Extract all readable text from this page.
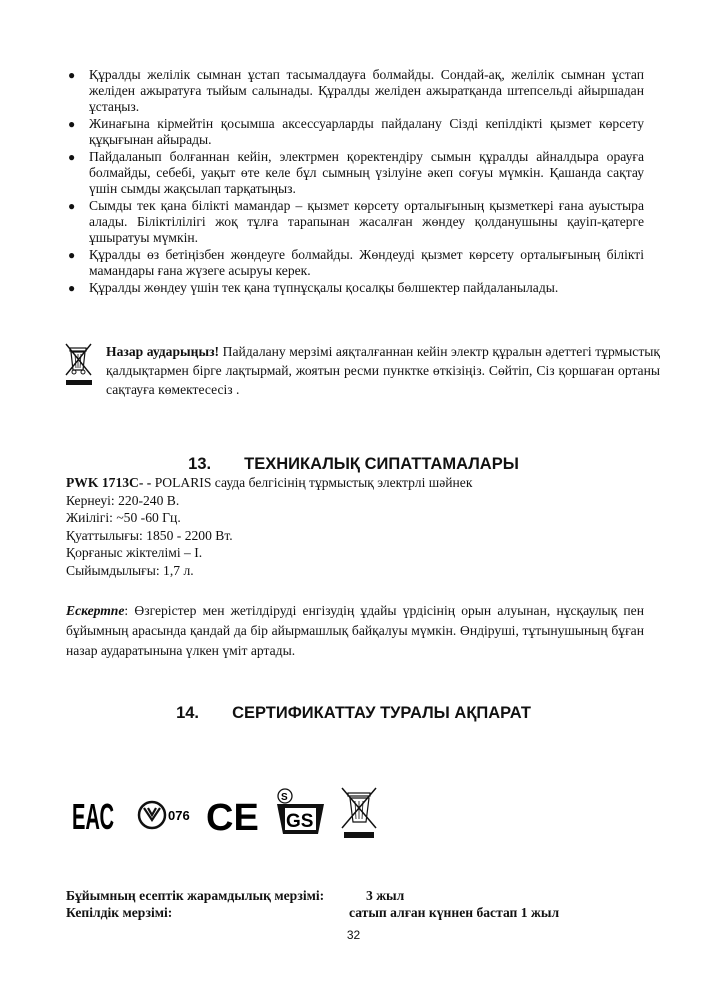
● Құралды желілік сымнан ұстап тасымалдауға болмайды. Сондай-ақ, желілік сымнан ұстап желіден ажыратуға тыйым салынады. Құралды желіден ажыратқанда штепсельді айыршадан ұстаңыз.
● Жинағына кірмейтін қосымша аксессуарларды пайдалану Сізді кепілдікті қызмет көрсету құқығынан айырады.
● Пайдаланып болғаннан кейін, электрмен қоректендіру сымын құралды айналдыра орауға болмайды, себебі, уақыт өте келе бұл сымның үзілуіне әкеп соғуы мүмкін. Қашанда сақтау үшін сымды жақсылап тарқатыңыз.
● Сымды тек қана білікті мамандар – қызмет көрсету орталығының қызметкері ғана ауыстыра алады. Біліктілілігі жоқ тұлға тарапынан жасалған жөндеу қолданушыны қауіп-қатерге ұшыратуы мүмкін.
● Құралды өз бетіңізбен жөндеуге болмайды. Жөндеуді қызмет көрсету орталығының білікті мамандары ғана жүзеге асыруы керек.
● Құралды жөндеу үшін тек қана түпнұсқалы қосалқы бөлшектер пайдаланылады.
Назар аударыңыз! Пайдалану мерзімі аяқталғаннан кейін электр құралын әдеттегі тұрмыстық қалдықтармен бірге лақтырмай, жоятын ресми пунктке өткізіңіз. Сөйтіп, Сіз қоршаған ортаны сақтауға көмектесесіз .
13. ТЕХНИКАЛЫҚ СИПАТТАМАЛАРЫ
PWK 1713C- - POLARIS сауда белгісінің тұрмыстық электрлі шәйнек
Кернеуі: 220-240 В.
Жиілігі: ~50 -60 Гц.
Қуаттылығы: 1850 - 2200 Вт.
Қорғаныс жіктелімі – I.
Сыйымдылығы: 1,7 л.
Ескертпе: Өзгерістер мен жетілдіруді енгізудің ұдайы үрдісінің орын алуынан, нұсқаулық пен бұйымның арасында қандай да бір айырмашлық байқалуы мүмкін. Өндіруші, тұтынушының бұған назар аударатынына үлкен үміт артады.
14. СЕРТИФИКАТТАУ ТУРАЛЫ АҚПАРАТ
ЕАС	076 CE S
GS
Бұйымның есептік жарамдылық мерзімі:	3 жыл
Кепілдік мерзімі:	сатып алған күннен бастап 1 жыл
32
